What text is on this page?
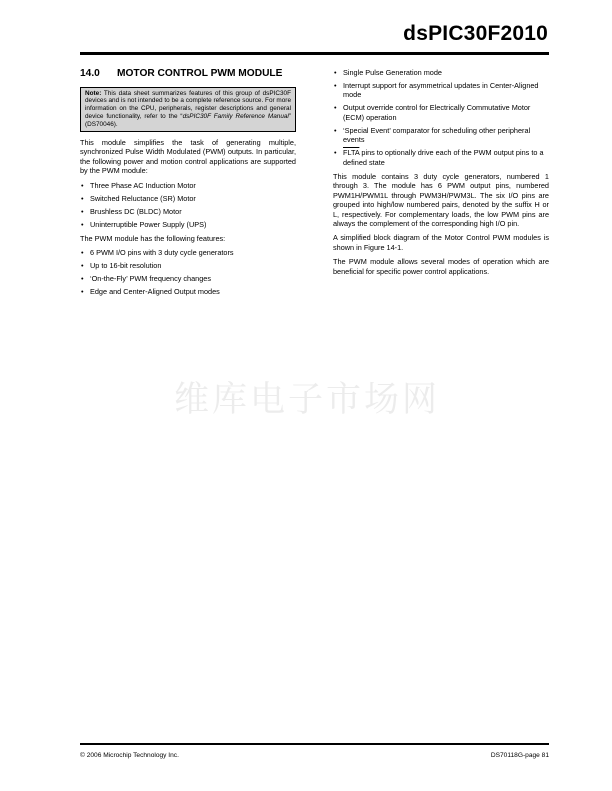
dsPIC30F2010
14.0	MOTOR CONTROL PWM MODULE
Note: This data sheet summarizes features of this group of dsPIC30F devices and is not intended to be a complete reference source. For more information on the CPU, peripherals, register descriptions and general device functionality, refer to the “dsPIC30F Family Reference Manual” (DS70046).

This module simplifies the task of generating multiple, synchronized Pulse Width Modulated (PWM) outputs. In particular, the following power and motion control applications are supported by the PWM module:

• Three Phase AC Induction Motor
• Switched Reluctance (SR) Motor
• Brushless DC (BLDC) Motor
• Uninterruptible Power Supply (UPS)

The PWM module has the following features:

• 6 PWM I/O pins with 3 duty cycle generators
• Up to 16-bit resolution
• ‘On-the-Fly’ PWM frequency changes
• Edge and Center-Aligned Output modes
• Single Pulse Generation mode
• Interrupt support for asymmetrical updates in Center-Aligned mode
• Output override control for Electrically Commutative Motor (ECM) operation
• ‘Special Event’ comparator for scheduling other peripheral events
• FLTA pins to optionally drive each of the PWM output pins to a defined state

This module contains 3 duty cycle generators, numbered 1 through 3. The module has 6 PWM output pins, numbered PWM1H/PWM1L through PWM3H/PWM3L. The six I/O pins are grouped into high/low numbered pairs, denoted by the suffix H or L, respectively. For complementary loads, the low PWM pins are always the complement of the corresponding high I/O pin.

A simplified block diagram of the Motor Control PWM modules is shown in Figure 14-1.

The PWM module allows several modes of operation which are beneficial for specific power control applications.

维库电子市场网
© 2006 Microchip Technology Inc.	DS70118G-page 81
